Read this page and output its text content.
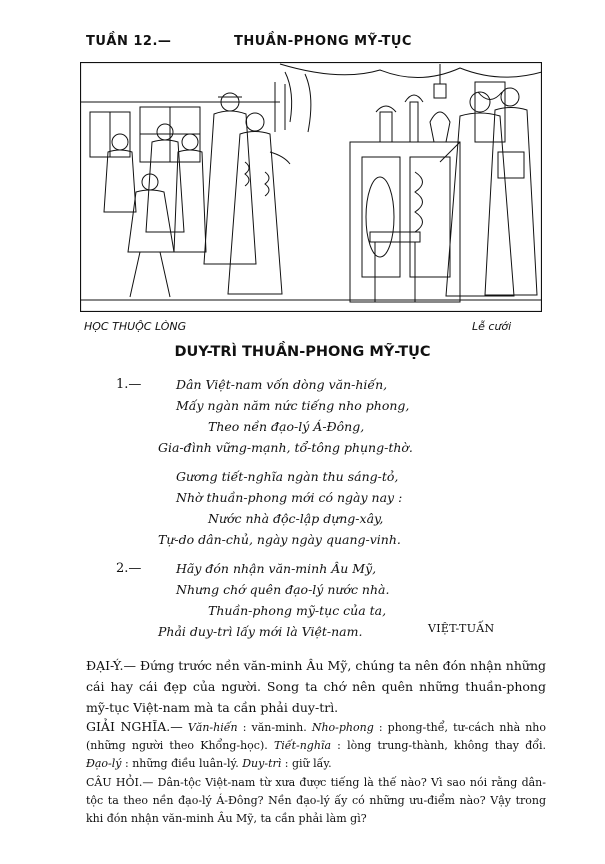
TUẦN 12.—	THUẦN-PHONG MỸ-TỤC
HỌC THUỘC LÒNG	Lễ cưới
DUY-TRÌ THUẦN-PHONG MỸ-TỤC
1.—	Dân Việt-nam vốn dòng văn-hiến,
Mấy ngàn năm nức tiếng nho phong,
Theo nền đạo-lý Á-Đông,
Gia-đình vững-mạnh, tổ-tông phụng-thờ.
Gương tiết-nghĩa ngàn thu sáng-tỏ,
Nhờ thuần-phong mới có ngày nay :
Nước nhà độc-lập dựng-xây,
Tự-do dân-chủ, ngày ngày quang-vinh.
2.—	Hãy đón nhận văn-minh Âu Mỹ,
Nhưng chớ quên đạo-lý nước nhà.
Thuần-phong mỹ-tục của ta,
Phải duy-trì lấy mới là Việt-nam.	VIỆT-TUẤN
ĐẠI-Ý.— Đứng trước nền văn-minh Âu Mỹ, chúng ta nên đón nhận những cái hay cái đẹp của người. Song ta chớ nên quên những thuần-phong mỹ-tục Việt-nam mà ta cần phải duy-trì.
GIẢI NGHĨA.— Văn-hiến : văn-minh. Nho-phong : phong-thể, tư-cách nhà nho (những người theo Khổng-học). Tiết-nghĩa : lòng trung-thành, không thay đổi. Đạo-lý : những điều luân-lý. Duy-trì : giữ lấy.
CÂU HỎI.— Dân-tộc Việt-nam từ xưa được tiếng là thế nào? Vì sao nói rằng dân-tộc ta theo nền đạo-lý Á-Đông? Nền đạo-lý ấy có những ưu-điểm nào? Vậy trong khi đón nhận văn-minh Âu Mỹ, ta cần phải làm gì?
